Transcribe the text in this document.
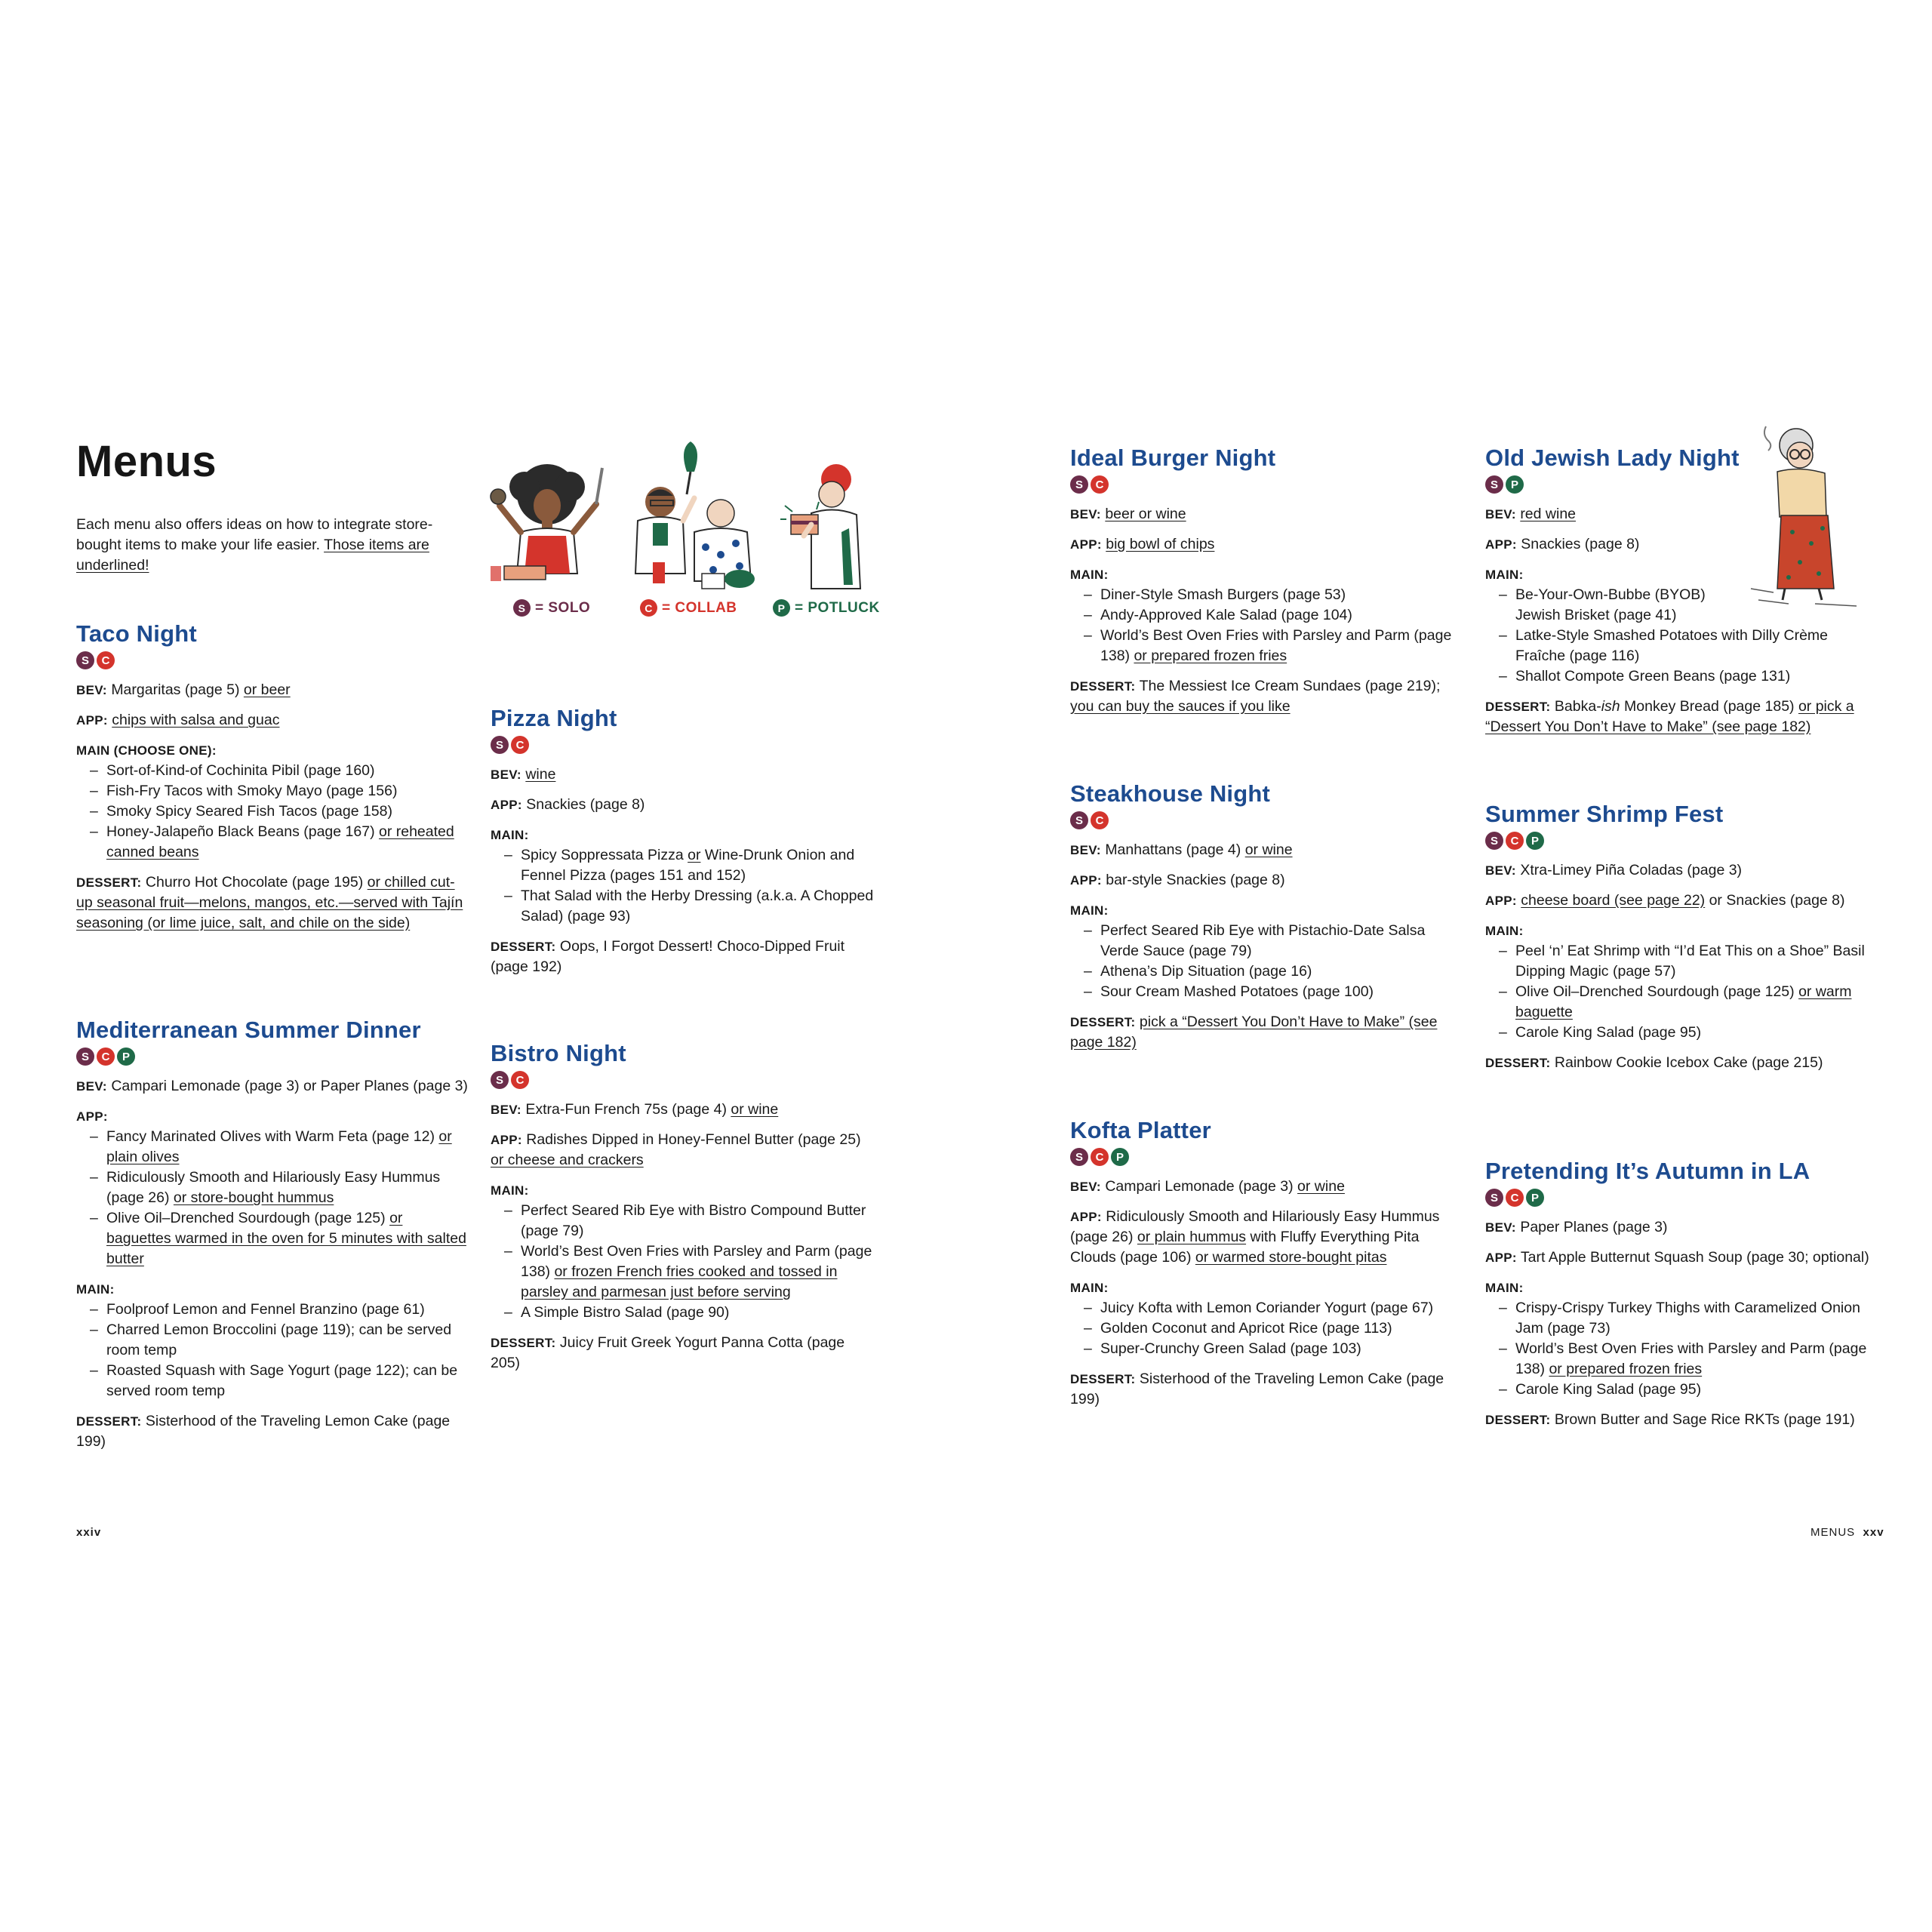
Menus
Each menu also offers ideas on how to integrate store-bought items to make your life easier. Those items are underlined!
S = SOLO	C = COLLAB	P = POTLUCK
Taco Night
S	C
BEV: Margaritas (page 5) or beer
APP: chips with salsa and guac
MAIN (CHOOSE ONE):
– Sort-of-Kind-of Cochinita Pibil (page 160)
– Fish-Fry Tacos with Smoky Mayo (page 156)
– Smoky Spicy Seared Fish Tacos (page 158)
– Honey-Jalapeño Black Beans (page 167) or reheated canned beans
DESSERT: Churro Hot Chocolate (page 195) or chilled cut-up seasonal fruit—melons, mangos, etc.—served with Tajín seasoning (or lime juice, salt, and chile on the side)
Mediterranean Summer Dinner
S	C	P
BEV: Campari Lemonade (page 3) or Paper Planes (page 3)
APP:
– Fancy Marinated Olives with Warm Feta (page 12) or plain olives
– Ridiculously Smooth and Hilariously Easy Hummus (page 26) or store-bought hummus
– Olive Oil–Drenched Sourdough (page 125) or baguettes warmed in the oven for 5 minutes with salted butter
MAIN:
– Foolproof Lemon and Fennel Branzino (page 61)
– Charred Lemon Broccolini (page 119); can be served room temp
– Roasted Squash with Sage Yogurt (page 122); can be served room temp
DESSERT: Sisterhood of the Traveling Lemon Cake (page 199)
Pizza Night
S	C
BEV: wine
APP: Snackies (page 8)
MAIN:
– Spicy Soppressata Pizza or Wine-Drunk Onion and Fennel Pizza (pages 151 and 152)
– That Salad with the Herby Dressing (a.k.a. A Chopped Salad) (page 93)
DESSERT: Oops, I Forgot Dessert! Choco-Dipped Fruit (page 192)
Bistro Night
S	C
BEV: Extra-Fun French 75s (page 4) or wine
APP: Radishes Dipped in Honey-Fennel Butter (page 25) or cheese and crackers
MAIN:
– Perfect Seared Rib Eye with Bistro Compound Butter (page 79)
– World’s Best Oven Fries with Parsley and Parm (page 138) or frozen French fries cooked and tossed in parsley and parmesan just before serving
– A Simple Bistro Salad (page 90)
DESSERT: Juicy Fruit Greek Yogurt Panna Cotta (page 205)
Ideal Burger Night
S	C
BEV: beer or wine
APP: big bowl of chips
MAIN:
– Diner-Style Smash Burgers (page 53)
– Andy-Approved Kale Salad (page 104)
– World’s Best Oven Fries with Parsley and Parm (page 138) or prepared frozen fries
DESSERT: The Messiest Ice Cream Sundaes (page 219); you can buy the sauces if you like
Steakhouse Night
S	C
BEV: Manhattans (page 4) or wine
APP: bar-style Snackies (page 8)
MAIN:
– Perfect Seared Rib Eye with Pistachio-Date Salsa Verde Sauce (page 79)
– Athena’s Dip Situation (page 16)
– Sour Cream Mashed Potatoes (page 100)
DESSERT: pick a “Dessert You Don’t Have to Make” (see page 182)
Kofta Platter
S	C	P
BEV: Campari Lemonade (page 3) or wine
APP: Ridiculously Smooth and Hilariously Easy Hummus (page 26) or plain hummus with Fluffy Everything Pita Clouds (page 106) or warmed store-bought pitas
MAIN:
– Juicy Kofta with Lemon Coriander Yogurt (page 67)
– Golden Coconut and Apricot Rice (page 113)
– Super-Crunchy Green Salad (page 103)
DESSERT: Sisterhood of the Traveling Lemon Cake (page 199)
Old Jewish Lady Night
S	P
BEV: red wine
APP: Snackies (page 8)
MAIN:
– Be-Your-Own-Bubbe (BYOB) Jewish Brisket (page 41)
– Latke-Style Smashed Potatoes with Dilly Crème Fraîche (page 116)
– Shallot Compote Green Beans (page 131)
DESSERT: Babka-ish Monkey Bread (page 185) or pick a “Dessert You Don’t Have to Make” (see page 182)
Summer Shrimp Fest
S	C	P
BEV: Xtra-Limey Piña Coladas (page 3)
APP: cheese board (see page 22) or Snackies (page 8)
MAIN:
– Peel ‘n’ Eat Shrimp with “I’d Eat This on a Shoe” Basil Dipping Magic (page 57)
– Olive Oil–Drenched Sourdough (page 125) or warm baguette
– Carole King Salad (page 95)
DESSERT: Rainbow Cookie Icebox Cake (page 215)
Pretending It’s Autumn in LA
S	C	P
BEV: Paper Planes (page 3)
APP: Tart Apple Butternut Squash Soup (page 30; optional)
MAIN:
– Crispy-Crispy Turkey Thighs with Caramelized Onion Jam (page 73)
– World’s Best Oven Fries with Parsley and Parm (page 138) or prepared frozen fries
– Carole King Salad (page 95)
DESSERT: Brown Butter and Sage Rice RKTs (page 191)
xxiv	MENUS xxv
